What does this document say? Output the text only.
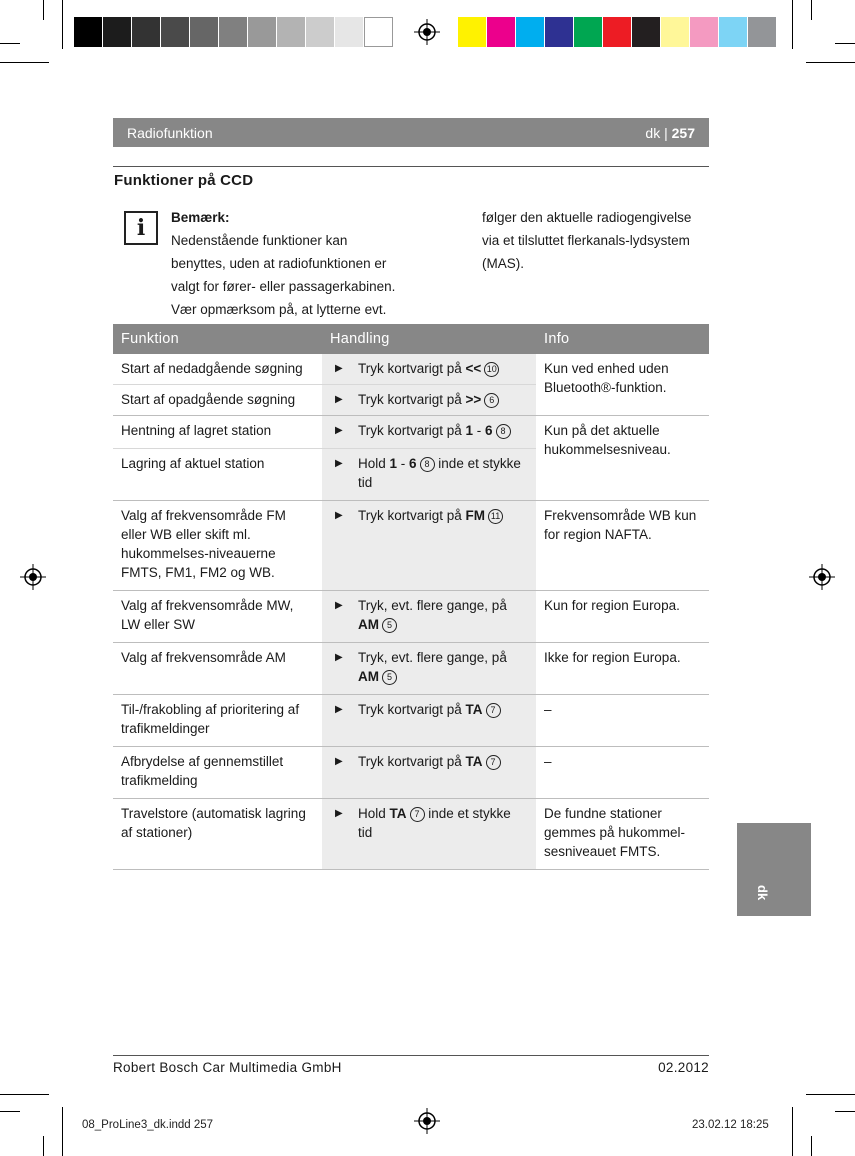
Radiofunktion	dk | 257
Funktioner på CCD
i	Bemærk:
Nedenstående funktioner kan benyttes, uden at radiofunktionen er valgt for fører- eller passagerkabinen. Vær opmærksom på, at lytterne evt.
følger den aktuelle radiogengivelse via et tilsluttet flerkanals-lydsystem (MAS).
Funktion	Handling	Info
Start af nedadgående søgning	▶ Tryk kortvarigt på << 10	Kun ved enhed uden Bluetooth®-funktion.
Start af opadgående søgning	▶ Tryk kortvarigt på >> 6	

Hentning af lagret station	▶ Tryk kortvarigt på 1 - 6 8	Kun på det aktuelle hukommelsesniveau.
Lagring af aktuel station	▶ Hold 1 - 6 8 inde et stykke tid	

Valg af frekvensområde FM eller WB eller skift ml. hukommelses-niveauerne FMTS, FM1, FM2 og WB.	▶ Tryk kortvarigt på FM 11	Frekvensområde WB kun for region NAFTA.
Valg af frekvensområde MW, LW eller SW	▶ Tryk, evt. flere gange, på AM 5	Kun for region Europa.
Valg af frekvensområde AM	▶ Tryk, evt. flere gange, på AM 5	Ikke for region Europa.
Til-/frakobling af prioritering af trafikmeldinger	▶ Tryk kortvarigt på TA 7	–
Afbrydelse af gennemstillet trafikmelding	▶ Tryk kortvarigt på TA 7	–
Travelstore (automatisk lagring af stationer)	▶ Hold TA 7 inde et stykke tid	De fundne stationer gemmes på hukommel-sesniveauet FMTS.
dk
Robert Bosch Car Multimedia GmbH	02.2012
08_ProLine3_dk.indd 257	23.02.12 18:25
